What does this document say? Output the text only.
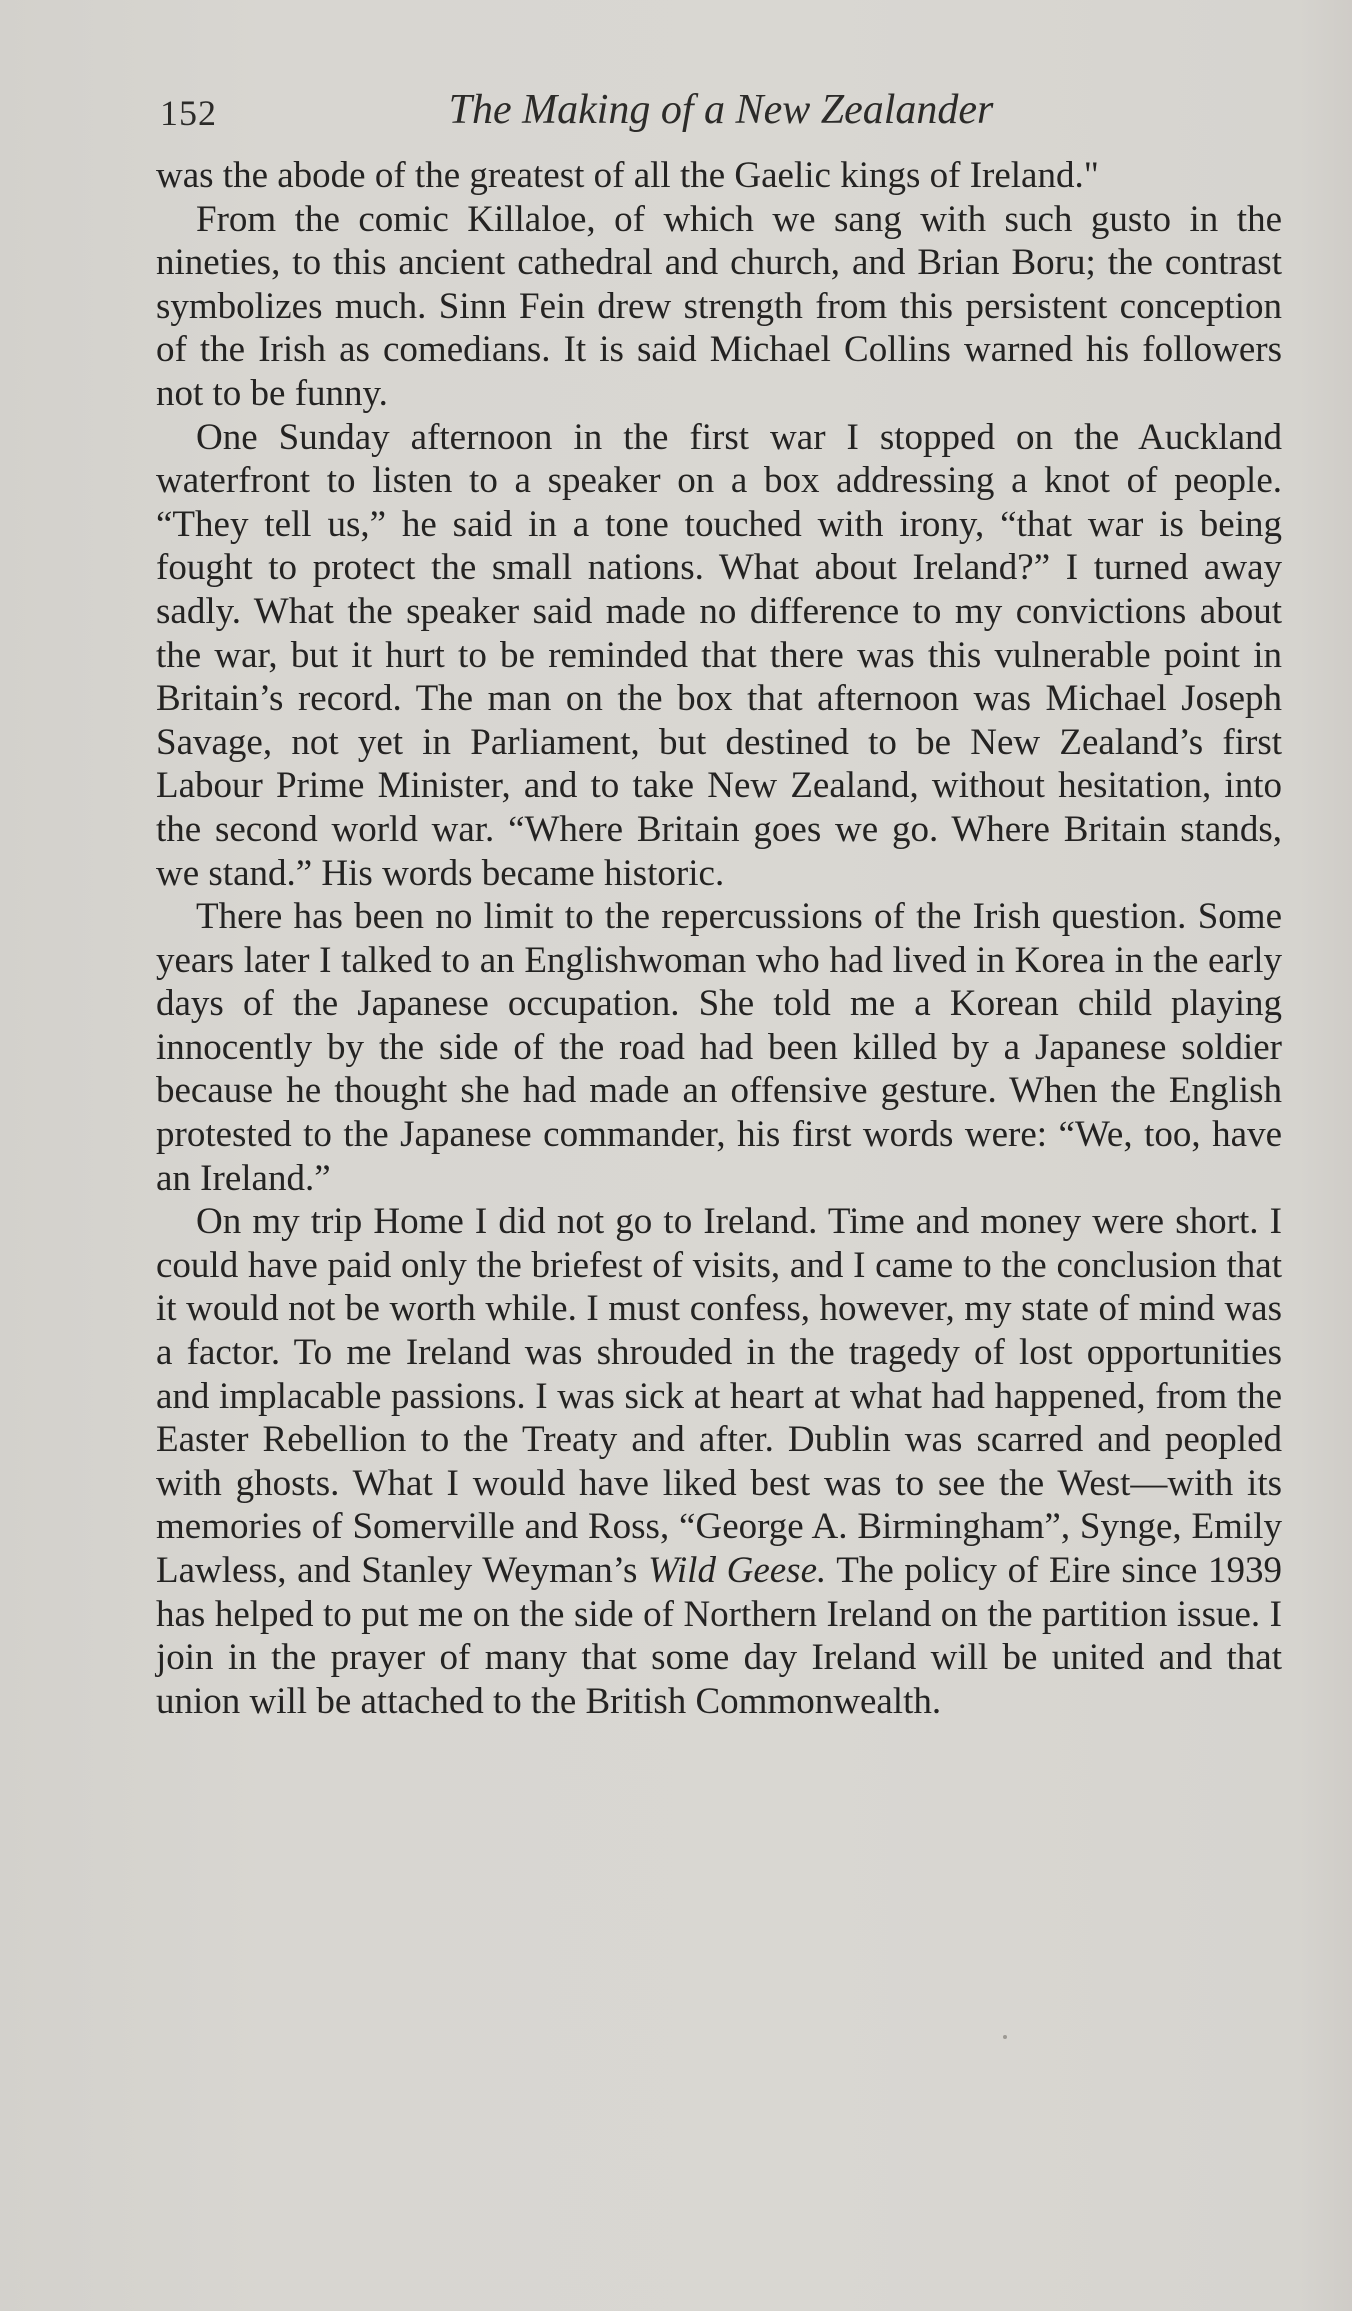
152	The Making of a New Zealander

was the abode of the greatest of all the Gaelic kings of Ireland."

From the comic Killaloe, of which we sang with such gusto in the nineties, to this ancient cathedral and church, and Brian Boru; the contrast symbolizes much. Sinn Fein drew strength from this persistent conception of the Irish as comedians. It is said Michael Collins warned his followers not to be funny.

One Sunday afternoon in the first war I stopped on the Auckland waterfront to listen to a speaker on a box addressing a knot of people. “They tell us,” he said in a tone touched with irony, “that war is being fought to protect the small nations. What about Ireland?” I turned away sadly. What the speaker said made no difference to my convictions about the war, but it hurt to be reminded that there was this vulnerable point in Britain’s record. The man on the box that afternoon was Michael Joseph Savage, not yet in Parliament, but destined to be New Zealand’s first Labour Prime Minister, and to take New Zealand, without hesitation, into the second world war. “Where Britain goes we go. Where Britain stands, we stand.” His words became historic.

There has been no limit to the repercussions of the Irish question. Some years later I talked to an Englishwoman who had lived in Korea in the early days of the Japanese occupation. She told me a Korean child playing innocently by the side of the road had been killed by a Japanese soldier because he thought she had made an offensive gesture. When the English protested to the Japanese commander, his first words were: “We, too, have an Ireland.”

On my trip Home I did not go to Ireland. Time and money were short. I could have paid only the briefest of visits, and I came to the conclusion that it would not be worth while. I must confess, however, my state of mind was a factor. To me Ireland was shrouded in the tragedy of lost opportunities and implacable passions. I was sick at heart at what had happened, from the Easter Rebellion to the Treaty and after. Dublin was scarred and peopled with ghosts. What I would have liked best was to see the West—with its memories of Somerville and Ross, “George A. Birmingham”, Synge, Emily Lawless, and Stanley Weyman’s Wild Geese. The policy of Eire since 1939 has helped to put me on the side of Northern Ireland on the partition issue. I join in the prayer of many that some day Ireland will be united and that union will be attached to the British Commonwealth.
